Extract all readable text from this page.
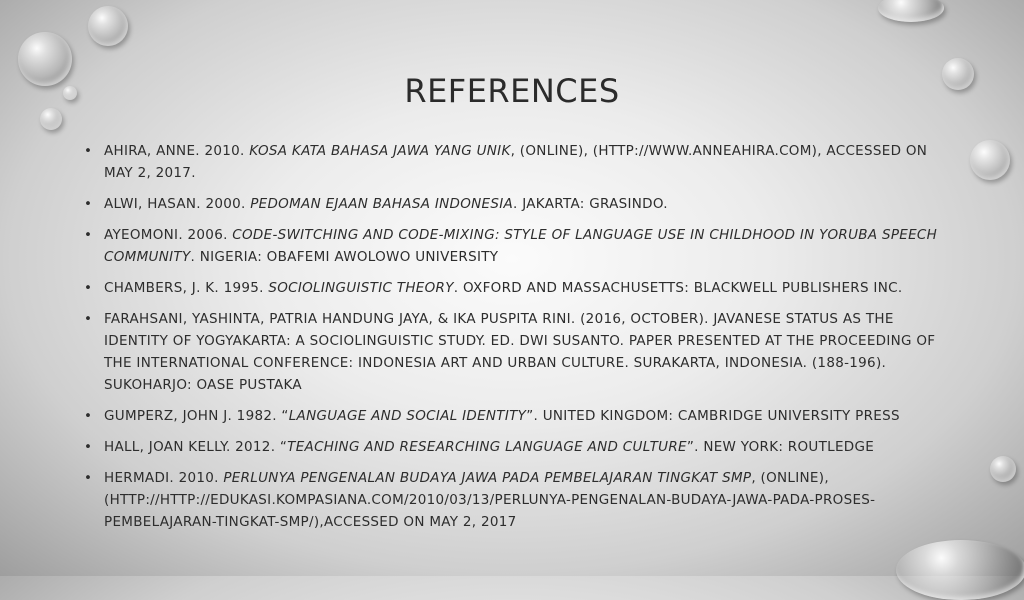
REFERENCES
• AHIRA, ANNE. 2010. KOSA KATA BAHASA JAWA YANG UNIK, (ONLINE), (HTTP://WWW.ANNEAHIRA.COM), ACCESSED ON MAY 2, 2017.
• ALWI, HASAN. 2000. PEDOMAN EJAAN BAHASA INDONESIA. JAKARTA: GRASINDO.
• AYEOMONI. 2006. CODE-SWITCHING AND CODE-MIXING: STYLE OF LANGUAGE USE IN CHILDHOOD IN YORUBA SPEECH COMMUNITY. NIGERIA: OBAFEMI AWOLOWO UNIVERSITY
• CHAMBERS, J. K. 1995. SOCIOLINGUISTIC THEORY. OXFORD AND MASSACHUSETTS: BLACKWELL PUBLISHERS INC.
• FARAHSANI, YASHINTA, PATRIA HANDUNG JAYA, & IKA PUSPITA RINI. (2016, OCTOBER). JAVANESE STATUS AS THE IDENTITY OF YOGYAKARTA: A SOCIOLINGUISTIC STUDY. ED. DWI SUSANTO. PAPER PRESENTED AT THE PROCEEDING OF THE INTERNATIONAL CONFERENCE: INDONESIA ART AND URBAN CULTURE. SURAKARTA, INDONESIA. (188-196). SUKOHARJO: OASE PUSTAKA
• GUMPERZ, JOHN J. 1982. “LANGUAGE AND SOCIAL IDENTITY”. UNITED KINGDOM: CAMBRIDGE UNIVERSITY PRESS
• HALL, JOAN KELLY. 2012. “TEACHING AND RESEARCHING LANGUAGE AND CULTURE”. NEW YORK: ROUTLEDGE
• HERMADI. 2010. PERLUNYA PENGENALAN BUDAYA JAWA PADA PEMBELAJARAN TINGKAT SMP, (ONLINE), (HTTP://HTTP://EDUKASI.KOMPASIANA.COM/2010/03/13/PERLUNYA-PENGENALAN-BUDAYA-JAWA-PADA-PROSES-PEMBELAJARAN-TINGKAT-SMP/),ACCESSED ON MAY 2, 2017
